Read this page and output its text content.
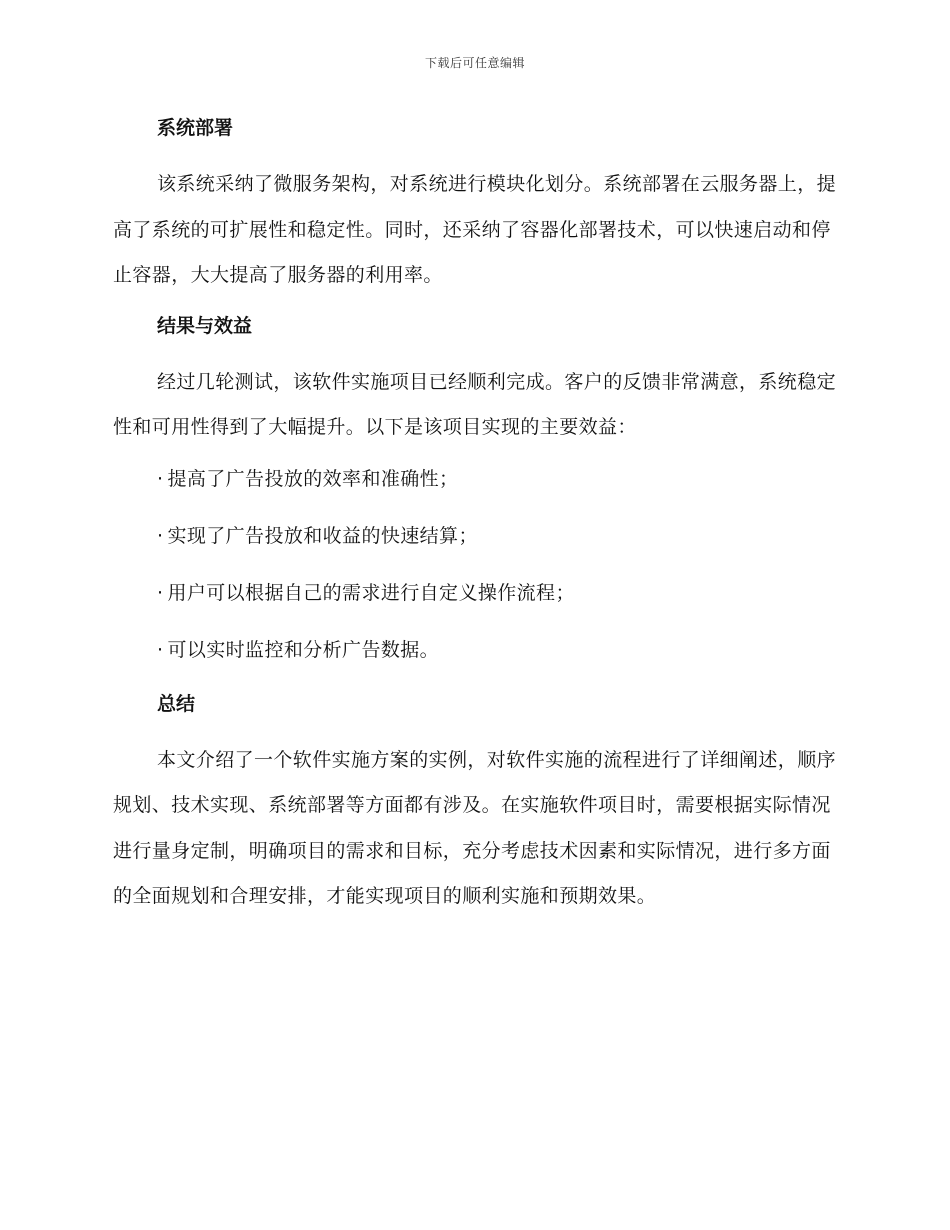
下载后可任意编辑
系统部署

该系统采纳了微服务架构，对系统进行模块化划分。系统部署在云服务器上，提高了系统的可扩展性和稳定性。同时，还采纳了容器化部署技术，可以快速启动和停止容器，大大提高了服务器的利用率。

结果与效益

经过几轮测试，该软件实施项目已经顺利完成。客户的反馈非常满意，系统稳定性和可用性得到了大幅提升。以下是该项目实现的主要效益：

· 提高了广告投放的效率和准确性；
· 实现了广告投放和收益的快速结算；
· 用户可以根据自己的需求进行自定义操作流程；
· 可以实时监控和分析广告数据。
总结

本文介绍了一个软件实施方案的实例，对软件实施的流程进行了详细阐述，顺序规划、技术实现、系统部署等方面都有涉及。在实施软件项目时，需要根据实际情况进行量身定制，明确项目的需求和目标，充分考虑技术因素和实际情况，进行多方面的全面规划和合理安排，才能实现项目的顺利实施和预期效果。
